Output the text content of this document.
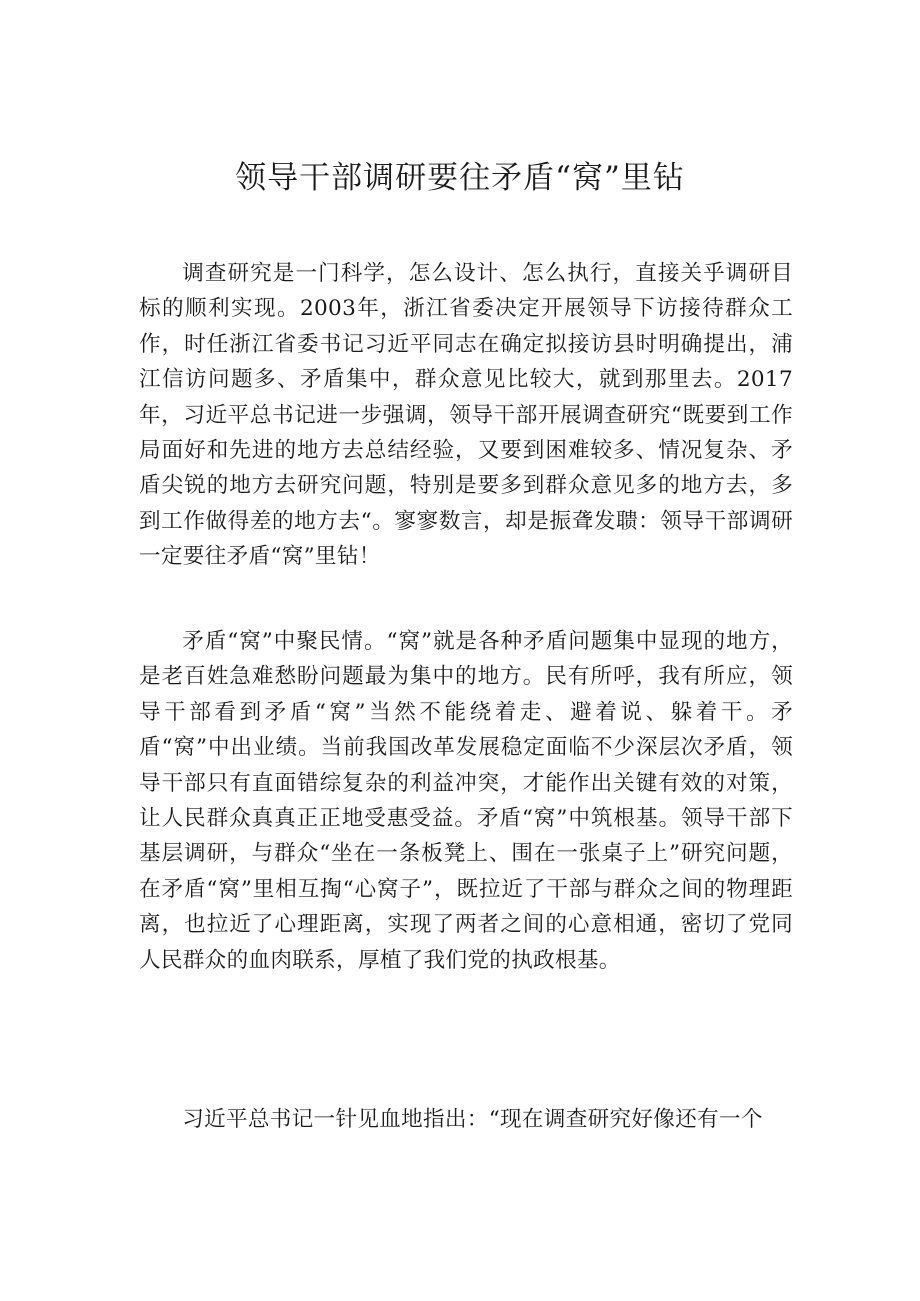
领导干部调研要往矛盾“窝”里钻

调查研究是一门科学，怎么设计、怎么执行，直接关乎调研目标的顺利实现。2003年，浙江省委决定开展领导下访接待群众工作，时任浙江省委书记习近平同志在确定拟接访县时明确提出，浦江信访问题多、矛盾集中，群众意见比较大，就到那里去。2017年，习近平总书记进一步强调，领导干部开展调查研究“既要到工作局面好和先进的地方去总结经验，又要到困难较多、情况复杂、矛盾尖锐的地方去研究问题，特别是要多到群众意见多的地方去，多到工作做得差的地方去“。寥寥数言，却是振聋发聩：领导干部调研一定要往矛盾“窝”里钻！

矛盾“窝”中聚民情。“窝”就是各种矛盾问题集中显现的地方，是老百姓急难愁盼问题最为集中的地方。民有所呼，我有所应，领导干部看到矛盾“窝”当然不能绕着走、避着说、躲着干。矛盾“窝”中出业绩。当前我国改革发展稳定面临不少深层次矛盾，领导干部只有直面错综复杂的利益冲突，才能作出关键有效的对策，让人民群众真真正正地受惠受益。矛盾“窝”中筑根基。领导干部下基层调研，与群众“坐在一条板凳上、围在一张桌子上”研究问题，在矛盾“窝”里相互掏“心窝子”，既拉近了干部与群众之间的物理距离，也拉近了心理距离，实现了两者之间的心意相通，密切了党同人民群众的血肉联系，厚植了我们党的执政根基。

习近平总书记一针见血地指出：“现在调查研究好像还有一个
